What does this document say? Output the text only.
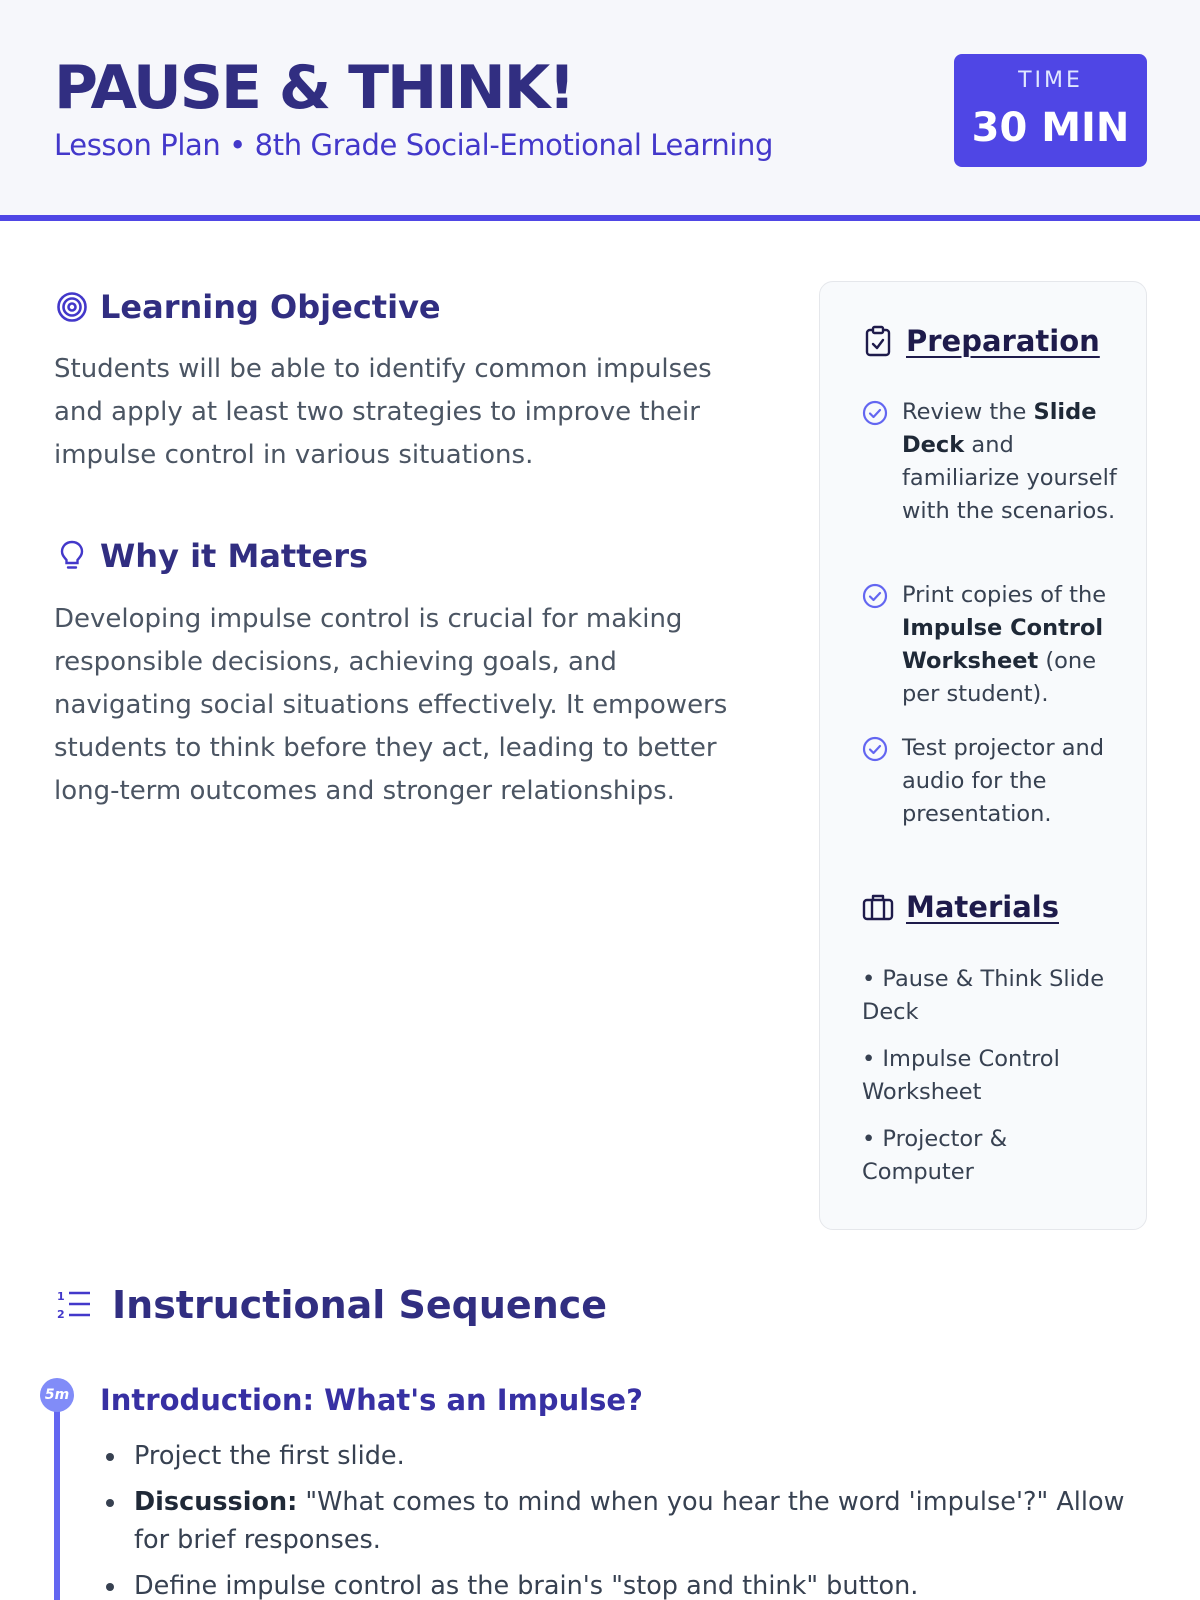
PAUSE & THINK!
Lesson Plan • 8th Grade Social-Emotional Learning
TIME
30 MIN
Learning Objective
Students will be able to identify common impulses and apply at least two strategies to improve their impulse control in various situations.
Why it Matters
Developing impulse control is crucial for making responsible decisions, achieving goals, and navigating social situations effectively. It empowers students to think before they act, leading to better long-term outcomes and stronger relationships.
Preparation
Review the Slide Deck and familiarize yourself with the scenarios.
Print copies of the Impulse Control Worksheet (one per student).
Test projector and audio for the presentation.
Materials
• Pause & Think Slide Deck
• Impulse Control Worksheet
• Projector & Computer
1
2 Instructional Sequence
5m Introduction: What's an Impulse?
Project the first slide.
Discussion: "What comes to mind when you hear the word 'impulse'?" Allow for brief responses.
Define impulse control as the brain's "stop and think" button.
